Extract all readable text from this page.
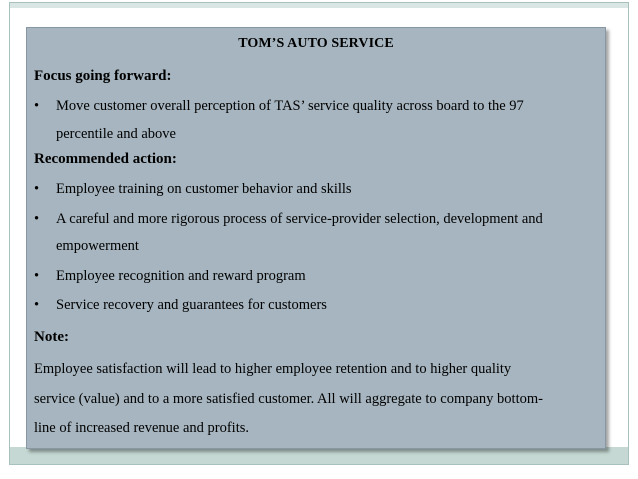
TOM’S AUTO SERVICE
Focus going forward:
• Move customer overall perception of TAS’ service quality across board to the 97
percentile and above
Recommended action:
• Employee training on customer behavior and skills
• A careful and more rigorous process of service-provider selection, development and
empowerment
• Employee recognition and reward program
• Service recovery and guarantees for customers
Note:
Employee satisfaction will lead to higher employee retention and to higher quality
service (value) and to a more satisfied customer. All will aggregate to company bottom-
line of increased revenue and profits.
